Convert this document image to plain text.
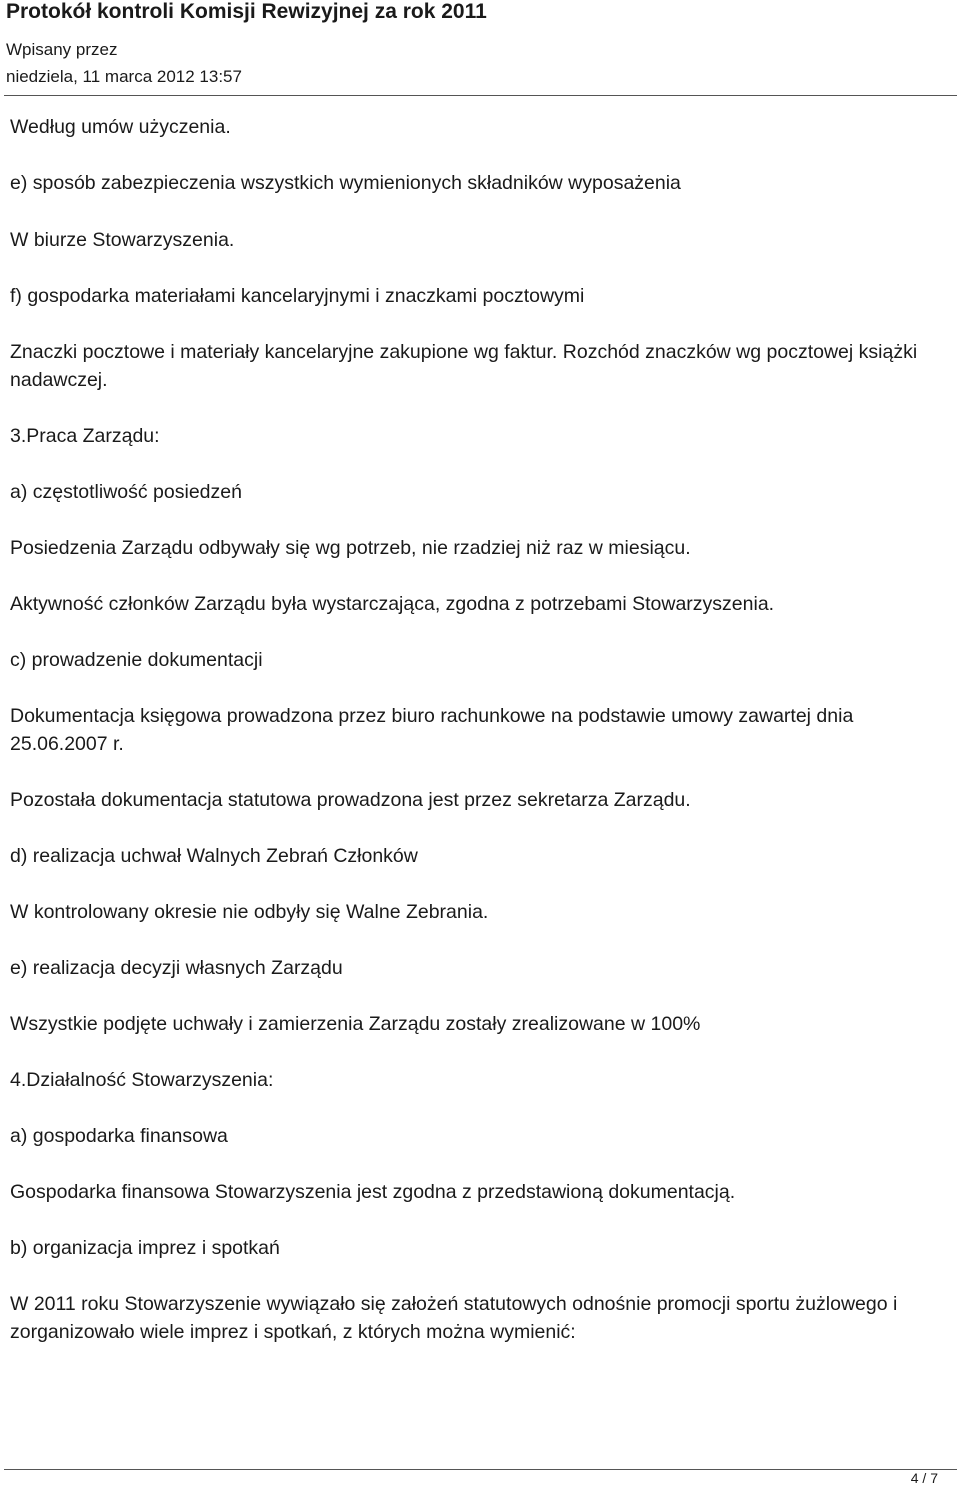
Protokół kontroli Komisji Rewizyjnej za rok 2011
Wpisany przez
niedziela, 11 marca 2012 13:57

Według umów użyczenia.

e) sposób zabezpieczenia wszystkich wymienionych składników wyposażenia

W biurze Stowarzyszenia.

f) gospodarka materiałami kancelaryjnymi i znaczkami pocztowymi

Znaczki pocztowe i materiały kancelaryjne zakupione wg faktur. Rozchód znaczków wg pocztowej książki nadawczej.

3.Praca Zarządu:

a) częstotliwość posiedzeń

Posiedzenia Zarządu odbywały się wg potrzeb, nie rzadziej niż raz w miesiącu.

Aktywność członków Zarządu była wystarczająca, zgodna z potrzebami Stowarzyszenia.

c) prowadzenie dokumentacji

Dokumentacja księgowa prowadzona przez biuro rachunkowe na podstawie umowy zawartej dnia 25.06.2007 r.

Pozostała dokumentacja statutowa prowadzona jest przez sekretarza Zarządu.

d) realizacja uchwał Walnych Zebrań Członków

W kontrolowany okresie nie odbyły się Walne Zebrania.

e) realizacja decyzji własnych Zarządu

Wszystkie podjęte uchwały i zamierzenia Zarządu zostały zrealizowane w 100%

4.Działalność Stowarzyszenia:

a) gospodarka finansowa

Gospodarka finansowa Stowarzyszenia jest zgodna z przedstawioną dokumentacją.

b) organizacja imprez i spotkań

W 2011 roku Stowarzyszenie wywiązało się założeń statutowych odnośnie promocji sportu żużlowego i zorganizowało wiele imprez i spotkań, z których można wymienić:

4 / 7
